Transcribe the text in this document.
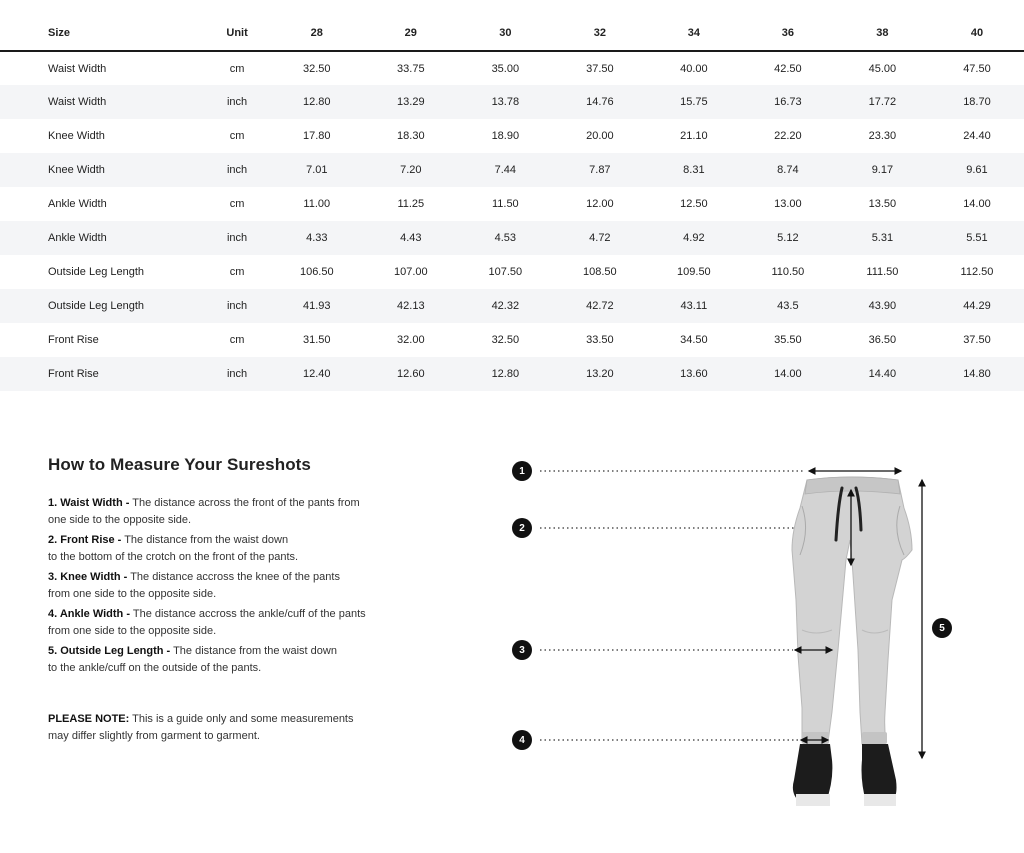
Size	Unit	28	29	30	32	34	36	38	40
Waist Width	cm	32.50	33.75	35.00	37.50	40.00	42.50	45.00	47.50
Waist Width	inch	12.80	13.29	13.78	14.76	15.75	16.73	17.72	18.70
Knee Width	cm	17.80	18.30	18.90	20.00	21.10	22.20	23.30	24.40
Knee Width	inch	7.01	7.20	7.44	7.87	8.31	8.74	9.17	9.61
Ankle Width	cm	11.00	11.25	11.50	12.00	12.50	13.00	13.50	14.00
Ankle Width	inch	4.33	4.43	4.53	4.72	4.92	5.12	5.31	5.51
Outside Leg Length	cm	106.50	107.00	107.50	108.50	109.50	110.50	111.50	112.50
Outside Leg Length	inch	41.93	42.13	42.32	42.72	43.11	43.5	43.90	44.29
Front Rise	cm	31.50	32.00	32.50	33.50	34.50	35.50	36.50	37.50
Front Rise	inch	12.40	12.60	12.80	13.20	13.60	14.00	14.40	14.80
How to Measure Your Sureshots
1. Waist Width - The distance across the front of the pants from
one side to the opposite side.
2. Front Rise - The distance from the waist down
to the bottom of the crotch on the front of the pants.
3. Knee Width - The distance accross the knee of the pants
from one side to the opposite side.
4. Ankle Width - The distance accross the ankle/cuff of the pants
from one side to the opposite side.
5. Outside Leg Length - The distance from the waist down
to the ankle/cuff on the outside of the pants.
PLEASE NOTE: This is a guide only and some measurements
may differ slightly from garment to garment.
1
2
3
4
5
